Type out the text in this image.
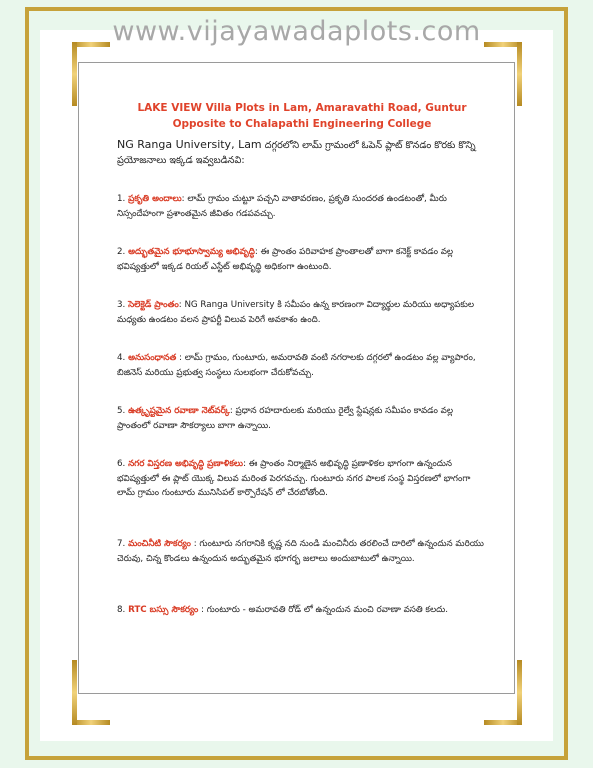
www.vijayawadaplots.com

LAKE VIEW Villa Plots in Lam, Amaravathi Road, Guntur
Opposite to Chalapathi Engineering College

NG Ranga University, Lam దగ్గరలోని లామ్ గ్రామంలో ఓపెన్ ప్లాట్ కొనడం కొరకు కొన్ని ప్రయోజనాలు ఇక్కడ ఇవ్వబడినవి:
1. ప్రకృతి అందాలు: లామ్ గ్రామం చుట్టూ పచ్చని వాతావరణం, ప్రకృతి సుందరత ఉండటంతో, మీరు నిస్సందేహంగా ప్రశాంతమైన జీవితం గడపవచ్చు.
2. అద్భుతమైన భూభూస్వామ్య అభివృద్ధి: ఈ ప్రాంతం పరివాహక ప్రాంతాలతో బాగా కనెక్ట్ కావడం వల్ల భవిష్యత్తులో ఇక్కడ రియల్ ఎస్టేట్ అభివృద్ధి అధికంగా ఉంటుంది.
3. సెలెక్టెడ్ ప్రాంతం: NG Ranga University కి సమీపం ఉన్న కారణంగా విద్యార్థుల మరియు అధ్యాపకుల మధ్యతు ఉండటం వలన ప్రాపర్టీ విలువ పెరిగే అవకాశం ఉంది.
4. అనుసంధానత : లామ్ గ్రామం, గుంటూరు, అమరావతి వంటి నగరాలకు దగ్గరలో ఉండటం వల్ల వ్యాపారం, బిజినెస్ మరియు ప్రభుత్వ సంస్థలు సులభంగా చేరుకోవచ్చు.
5. ఉత్కృష్టమైన రవాణా నెట్‌వర్క్: ప్రధాన రహదారులకు మరియు రైల్వే స్టేషన్లకు సమీపం కావడం వల్ల ప్రాంతంలో రవాణా సౌకర్యాలు బాగా ఉన్నాయి.
6. నగర విస్తరణ అభివృద్ధి ప్రణాళికలు: ఈ ప్రాంతం నిర్మాణైన అభివృద్ధి ప్రణాళికల భాగంగా ఉన్నందున భవిష్యత్తులో ఈ ప్లాట్ యొక్క విలువ మరింత పెరగవచ్చు. గుంటూరు నగర పాలక సంస్థ విస్తరణలో భాగంగా లామ్ గ్రామం గుంటూరు మునిసిపల్ కార్పొరేషన్ లో చేరబోతోంది.
7. మంచినీటి సౌకర్యం : గుంటూరు నగరానికి కృష్ణ నది నుండి మంచినీరు తరలించే దారిలో ఉన్నందున మరియు చెరువు, చిన్న కొండలు ఉన్నందున అద్భుతమైన భూగర్భ జలాలు అందుబాటులో ఉన్నాయి.
8. RTC బస్సు సౌకర్యం : గుంటూరు - అమరావతి రోడ్ లో ఉన్నందున మంచి రవాణా వసతి కలదు.
